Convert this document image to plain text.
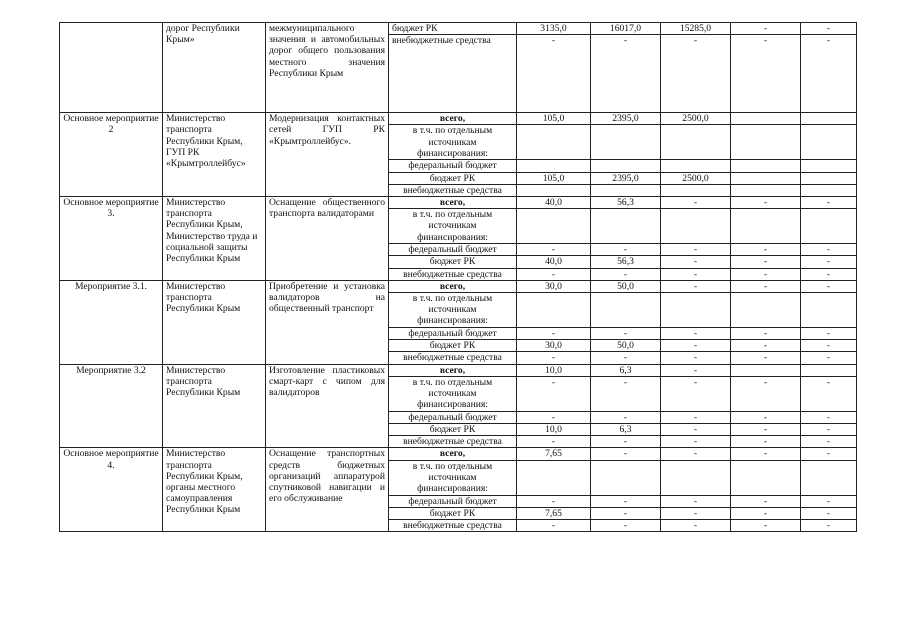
	дорог Республики Крым»	межмуниципального значения и автомобильных дорог общего пользования местного значения Республики Крым	бюджет РК	3135,0	16017,0	15285,0	-	-
			внебюджетные средства	-	-	-	-	-
Основное мероприятие 2	Министерство транспорта Республики Крым, ГУП РК «Крымтроллейбус»	Модернизация контактных сетей ГУП РК «Крымтроллейбус».	всего,	105,0	2395,0	2500,0		
			в т.ч. по отдельным источникам финансирования:					
			федеральный бюджет					
			бюджет РК	105,0	2395,0	2500,0		
			внебюджетные средства					
Основное мероприятие 3.	Министерство транспорта Республики Крым, Министерство труда и социальной защиты Республики Крым	Оснащение общественного транспорта валидаторами	всего,	40,0	56,3	-	-	-
			в т.ч. по отдельным источникам финансирования:					
			федеральный бюджет	-	-	-	-	-
			бюджет РК	40,0	56,3	-	-	-
			внебюджетные средства	-	-	-	-	-
Мероприятие 3.1.	Министерство транспорта Республики Крым	Приобретение и установка валидаторов на общественный транспорт	всего,	30,0	50,0	-	-	-
			в т.ч. по отдельным источникам финансирования:					
			федеральный бюджет	-	-	-	-	-
			бюджет РК	30,0	50,0	-	-	-
			внебюджетные средства	-	-	-	-	-
Мероприятие 3.2	Министерство транспорта Республики Крым	Изготовление пластиковых смарт-карт с чипом для валидаторов	всего,	10,0	6,3	-		
			в т.ч. по отдельным источникам финансирования:	-	-	-	-	-
			федеральный бюджет	-	-	-	-	-
			бюджет РК	10,0	6,3	-	-	-
			внебюджетные средства	-	-	-	-	-
Основное мероприятие 4.	Министерство транспорта Республики Крым, органы местного самоуправления Республики Крым	Оснащение транспортных средств бюджетных организаций аппаратурой спутниковой навигации и его обслуживание	всего,	7,65	-	-	-	-
			в т.ч. по отдельным источникам финансирования:					
			федеральный бюджет	-	-	-	-	-
			бюджет РК	7,65	-	-	-	-
			внебюджетные средства	-	-	-	-	-
